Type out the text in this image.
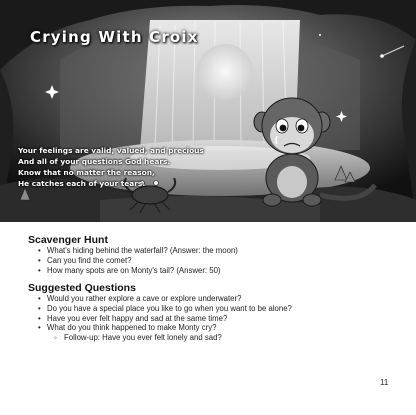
Crying With Croix
Your feelings are valid, valued, and precious
And all of your questions God hears.
Know that no matter the reason,
He catches each of your tears.
Scavenger Hunt
• What's hiding behind the waterfall? (Answer: the moon)
• Can you find the comet?
• How many spots are on Monty's tail? (Answer: 50)
Suggested Questions
• Would you rather explore a cave or explore underwater?
• Do you have a special place you like to go when you want to be alone?
• Have you ever felt happy and sad at the same time?
• What do you think happened to make Monty cry?
◦ Follow-up: Have you ever felt lonely and sad?
11
